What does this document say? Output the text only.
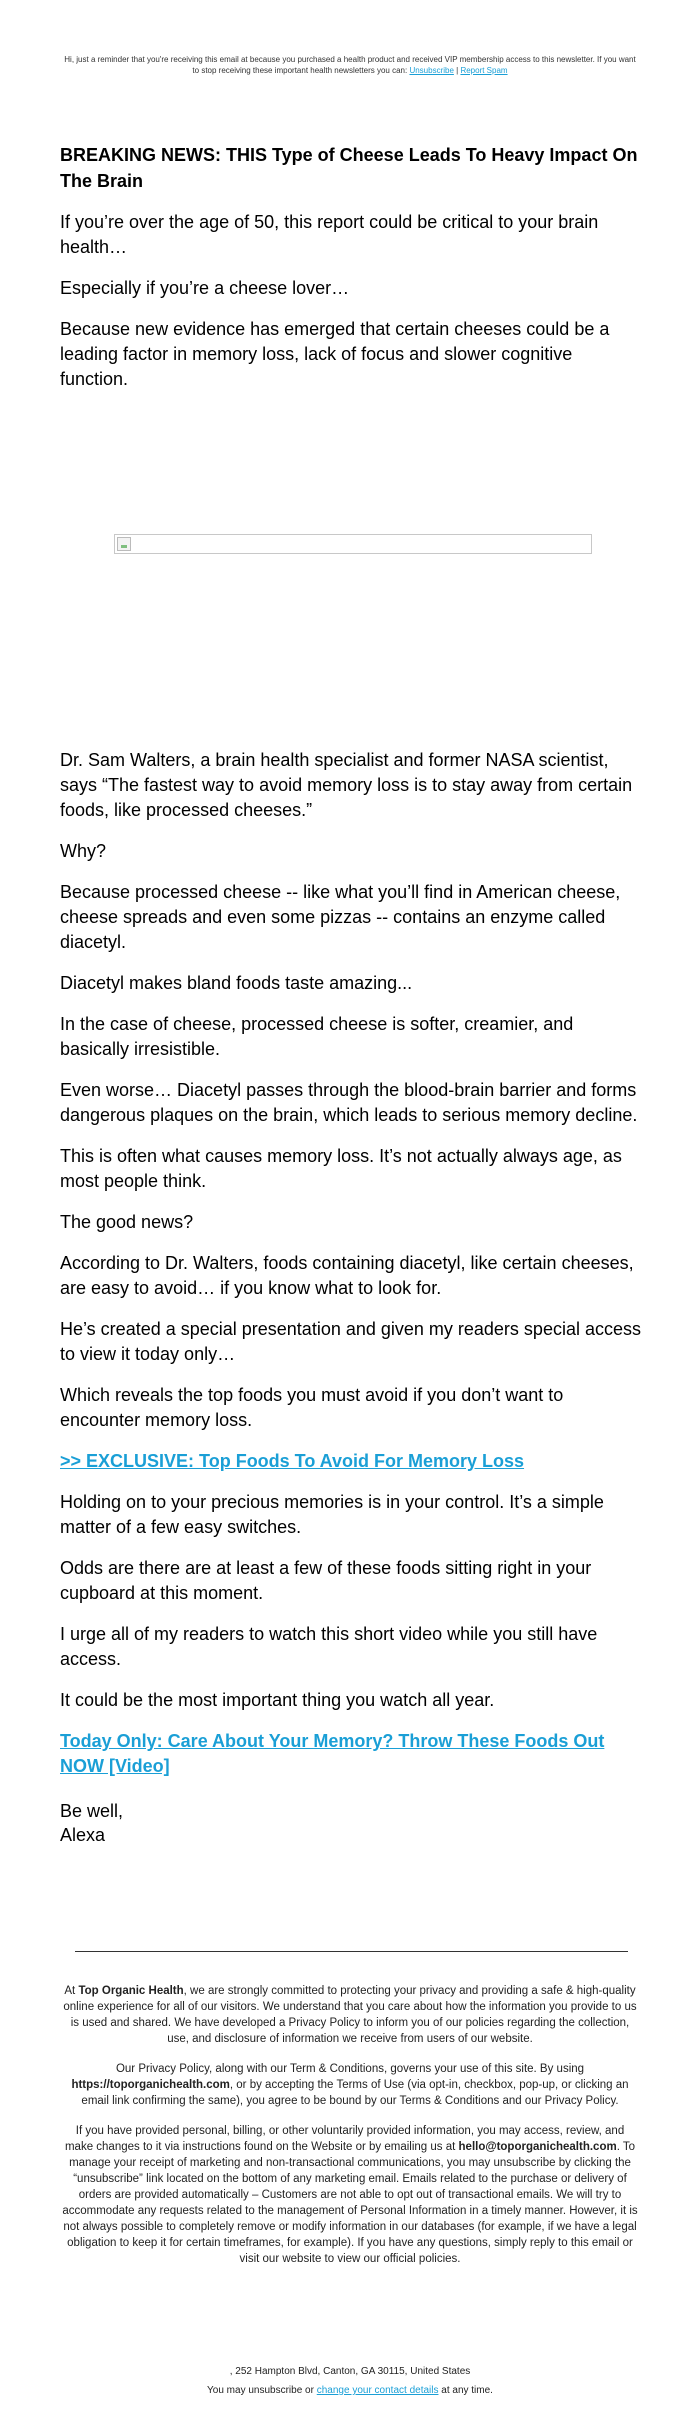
Hi, just a reminder that you're receiving this email at because you purchased a health product and received VIP membership access to this newsletter. If you want to stop receiving these important health newsletters you can: Unsubscribe | Report Spam
BREAKING NEWS: THIS Type of Cheese Leads To Heavy Impact On The Brain

If you’re over the age of 50, this report could be critical to your brain health…

Especially if you’re a cheese lover…

Because new evidence has emerged that certain cheeses could be a leading factor in memory loss, lack of focus and slower cognitive function.

Dr. Sam Walters, a brain health specialist and former NASA scientist, says “The fastest way to avoid memory loss is to stay away from certain foods, like processed cheeses.”

Why?

Because processed cheese -- like what you’ll find in American cheese, cheese spreads and even some pizzas -- contains an enzyme called diacetyl.

Diacetyl makes bland foods taste amazing...

In the case of cheese, processed cheese is softer, creamier, and basically irresistible.

Even worse… Diacetyl passes through the blood-brain barrier and forms dangerous plaques on the brain, which leads to serious memory decline.

This is often what causes memory loss. It’s not actually always age, as most people think.

The good news?

According to Dr. Walters, foods containing diacetyl, like certain cheeses, are easy to avoid… if you know what to look for.

He’s created a special presentation and given my readers special access to view it today only…

Which reveals the top foods you must avoid if you don’t want to encounter memory loss.

>> EXCLUSIVE: Top Foods To Avoid For Memory Loss

Holding on to your precious memories is in your control. It’s a simple matter of a few easy switches.

Odds are there are at least a few of these foods sitting right in your cupboard at this moment.

I urge all of my readers to watch this short video while you still have access.

It could be the most important thing you watch all year.

Today Only: Care About Your Memory? Throw These Foods Out NOW [Video]

Be well,
Alexa

At Top Organic Health, we are strongly committed to protecting your privacy and providing a safe & high-quality online experience for all of our visitors. We understand that you care about how the information you provide to us is used and shared. We have developed a Privacy Policy to inform you of our policies regarding the collection, use, and disclosure of information we receive from users of our website.

Our Privacy Policy, along with our Term & Conditions, governs your use of this site. By using https://toporganichealth.com, or by accepting the Terms of Use (via opt-in, checkbox, pop-up, or clicking an email link confirming the same), you agree to be bound by our Terms & Conditions and our Privacy Policy.

If you have provided personal, billing, or other voluntarily provided information, you may access, review, and make changes to it via instructions found on the Website or by emailing us at hello@toporganichealth.com. To manage your receipt of marketing and non-transactional communications, you may unsubscribe by clicking the “unsubscribe” link located on the bottom of any marketing email. Emails related to the purchase or delivery of orders are provided automatically – Customers are not able to opt out of transactional emails. We will try to accommodate any requests related to the management of Personal Information in a timely manner. However, it is not always possible to completely remove or modify information in our databases (for example, if we have a legal obligation to keep it for certain timeframes, for example). If you have any questions, simply reply to this email or visit our website to view our official policies.

, 252 Hampton Blvd, Canton, GA 30115, United States
You may unsubscribe or change your contact details at any time.
